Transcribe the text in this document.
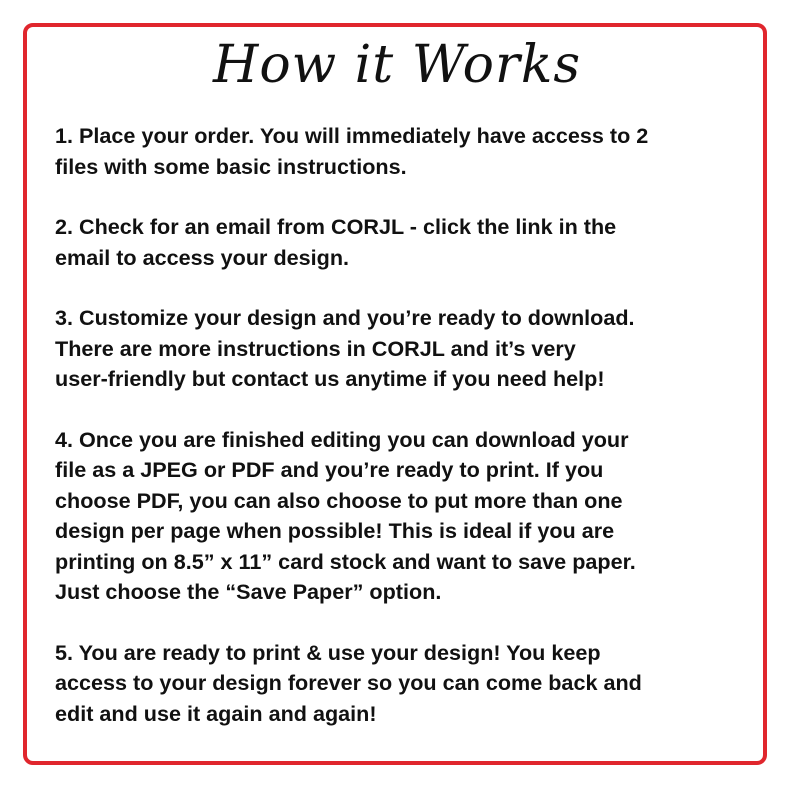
How it Works
1. Place your order. You will immediately have access to 2
files with some basic instructions.
2. Check for an email from CORJL - click the link in the
email to access your design.
3. Customize your design and you’re ready to download.
There are more instructions in CORJL and it’s very
user-friendly but contact us anytime if you need help!
4. Once you are finished editing you can download your
file as a JPEG or PDF and you’re ready to print. If you
choose PDF, you can also choose to put more than one
design per page when possible! This is ideal if you are
printing on 8.5” x 11” card stock and want to save paper.
Just choose the “Save Paper” option.
5. You are ready to print & use your design! You keep
access to your design forever so you can come back and
edit and use it again and again!
